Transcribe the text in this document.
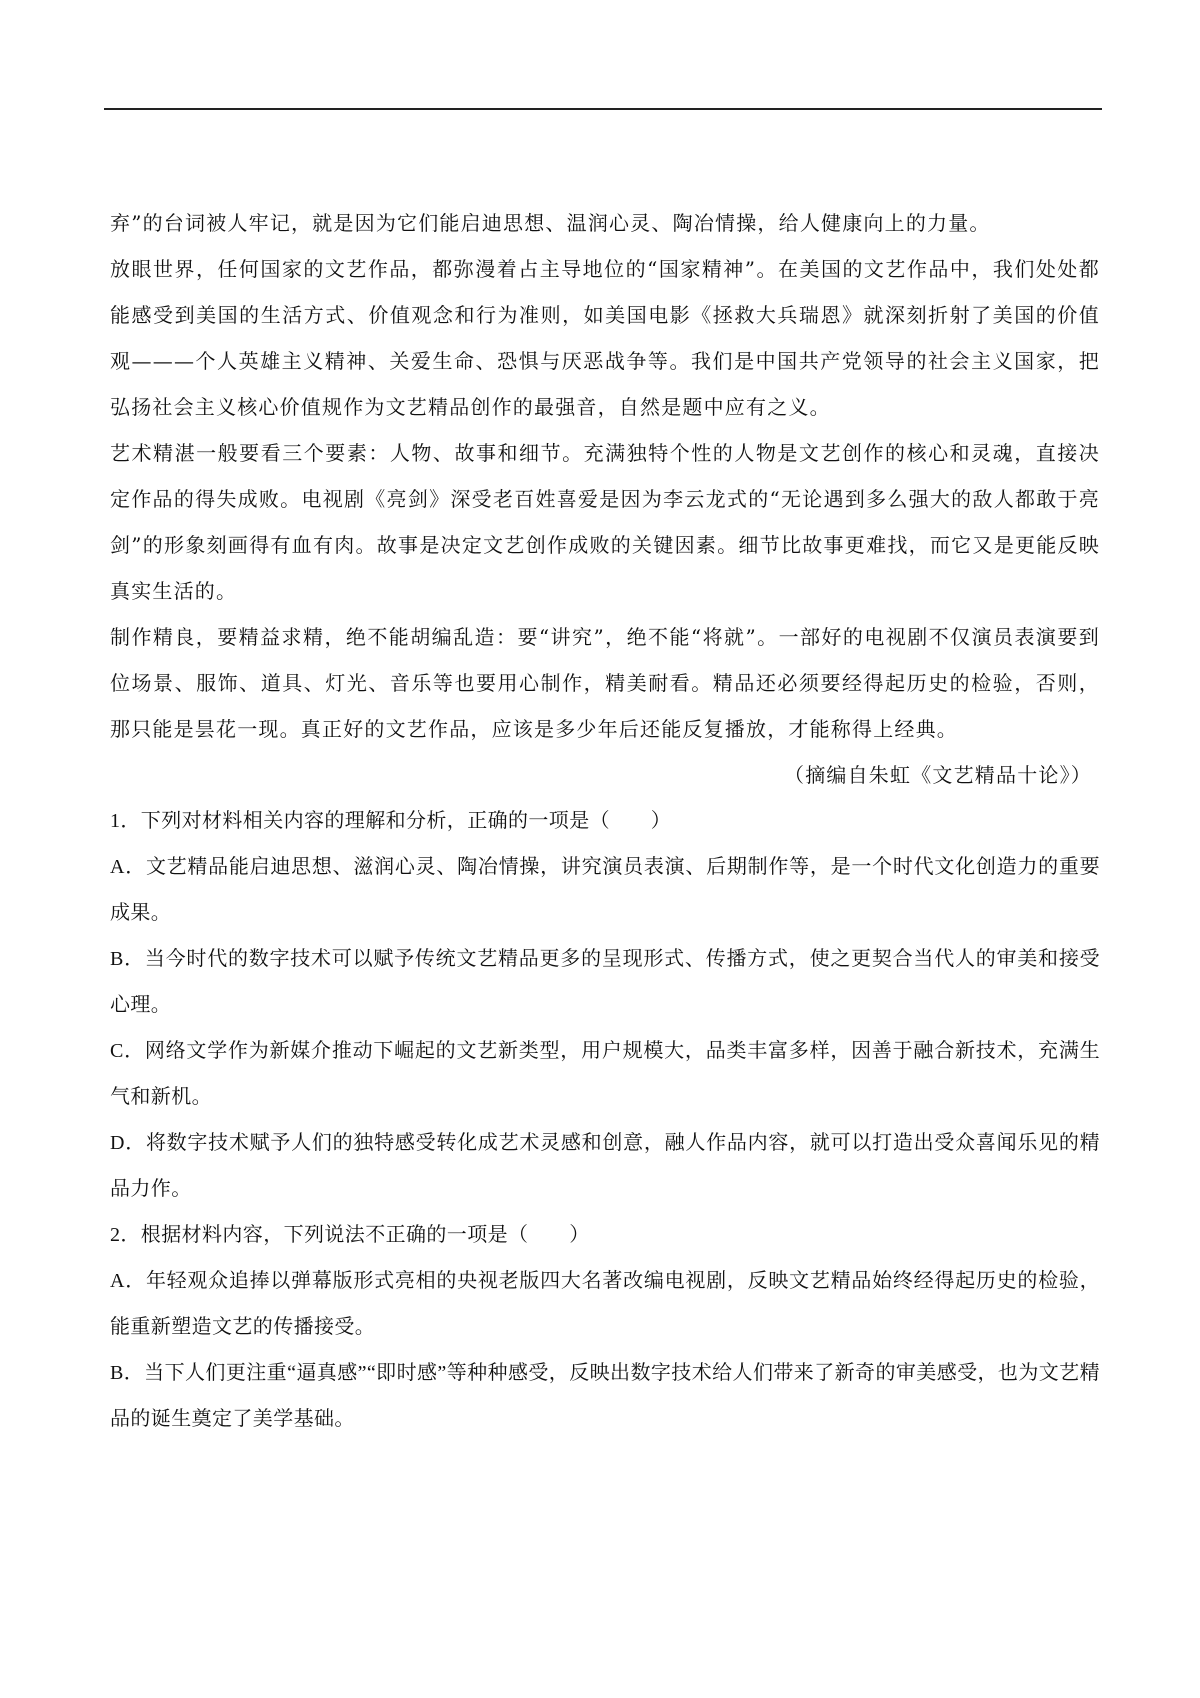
弃”的台词被人牢记，就是因为它们能启迪思想、温润心灵、陶冶情操，给人健康向上的力量。

放眼世界，任何国家的文艺作品，都弥漫着占主导地位的“国家精神”。在美国的文艺作品中，我们处处都能感受到美国的生活方式、价值观念和行为准则，如美国电影《拯救大兵瑞恩》就深刻折射了美国的价值观———个人英雄主义精神、关爱生命、恐惧与厌恶战争等。我们是中国共产党领导的社会主义国家，把弘扬社会主义核心价值规作为文艺精品创作的最强音，自然是题中应有之义。

艺术精湛一般要看三个要素：人物、故事和细节。充满独特个性的人物是文艺创作的核心和灵魂，直接决定作品的得失成败。电视剧《亮剑》深受老百姓喜爱是因为李云龙式的“无论遇到多么强大的敌人都敢于亮剑”的形象刻画得有血有肉。故事是决定文艺创作成败的关键因素。细节比故事更难找，而它又是更能反映真实生活的。

制作精良，要精益求精，绝不能胡编乱造：要“讲究”，绝不能“将就”。一部好的电视剧不仅演员表演要到位场景、服饰、道具、灯光、音乐等也要用心制作，精美耐看。精品还必须要经得起历史的检验，否则，那只能是昙花一现。真正好的文艺作品，应该是多少年后还能反复播放，才能称得上经典。

（摘编自朱虹《文艺精品十论》）

1．下列对材料相关内容的理解和分析，正确的一项是（　　）

A．文艺精品能启迪思想、滋润心灵、陶冶情操，讲究演员表演、后期制作等，是一个时代文化创造力的重要成果。

B．当今时代的数字技术可以赋予传统文艺精品更多的呈现形式、传播方式，使之更契合当代人的审美和接受心理。

C．网络文学作为新媒介推动下崛起的文艺新类型，用户规模大，品类丰富多样，因善于融合新技术，充满生气和新机。

D．将数字技术赋予人们的独特感受转化成艺术灵感和创意，融人作品内容，就可以打造出受众喜闻乐见的精品力作。

2．根据材料内容，下列说法不正确的一项是（　　）

A．年轻观众追捧以弹幕版形式亮相的央视老版四大名著改编电视剧，反映文艺精品始终经得起历史的检验，能重新塑造文艺的传播接受。

B．当下人们更注重“逼真感”“即时感”等种种感受，反映出数字技术给人们带来了新奇的审美感受，也为文艺精品的诞生奠定了美学基础。
